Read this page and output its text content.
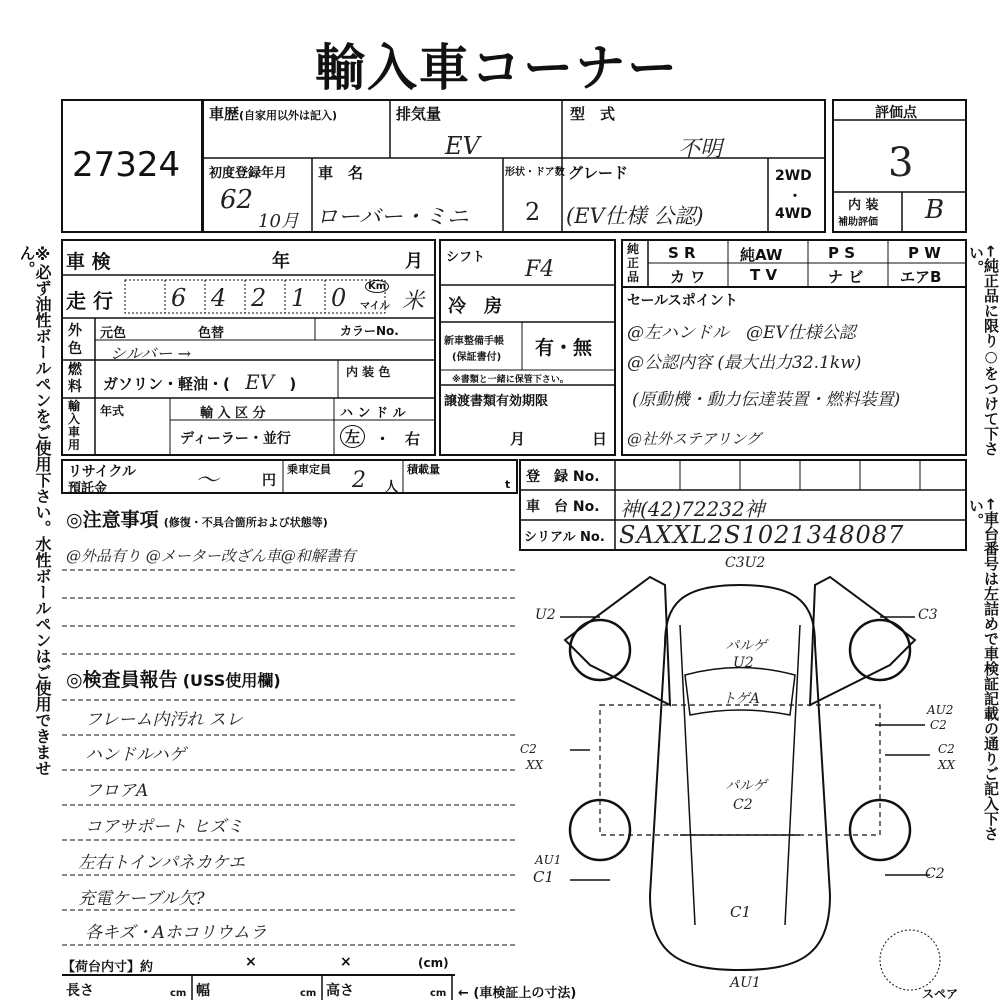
輸入車コーナー
※必ず油性ボールペンをご使用下さい。水性ボールペンはご使用できません。	←純正品に限り○をつけて下さい。
←車台番号は左詰めで車検証記載の通りご記入下さい。
27324
車歴(自家用以外は記入)	排気量
EV
型　式
不明
評価点
3
初度登録年月
62
10月
車　名
ローバー・ミニ
形状・ドア数
2
グレード
(EV仕様 公認)
2WD
・
4WD
内 装
補助評価 B
車 検	年	月
走 行 6 4 2 1 0	Km
マイル 米
外色
元色	色替	カラーNo.
シルバー →
燃料	ガソリン・軽油・( EV )
内 装 色
輸入車用
年式	輸 入 区 分	ハ ン ド ル
ディーラー・並行	左 ・ 右
シフト F4
冷　房
新車整備手帳
(保証書付) 有・無
※書類と一緒に保管下さい。
譲渡書類有効期限
月	日
純正品
S R	純AW	P S	P W
カ ワ	T V	ナ ビ エアB
セールスポイント
@左ハンドル　@EV仕様公認
@公認内容 (最大出力32.1kw)
(原動機・動力伝達装置・燃料装置)
@社外ステアリング
リサイクル
預託金	〜	円
乗車定員 2 人
積載量
t 登　録 No.
車　台 No. 神(42)72232神
シリアル No. SAXXL2S1021348087
◎注意事項 (修復・不具合箇所および状態等)
@外品有り @メーター改ざん車@和解書有
◎検査員報告 (USS使用欄)
フレーム内汚れ スレ
ハンドルハゲ
フロアA
コアサポート ヒズミ
左右トインパネカケエ
充電ケーブル欠?
各キズ・Aホコリウムラ
C3U2
U2	C3
パルゲ
U2
トゲA
AU2
C2
C2
XX
C2
XX
パルゲ
C2
AU1
C1	C2
C1
AU1
スペア
【荷台内寸】約	×	×	(cm)
長さ	cm 幅	cm 高さ	cm ← (車検証上の寸法)
